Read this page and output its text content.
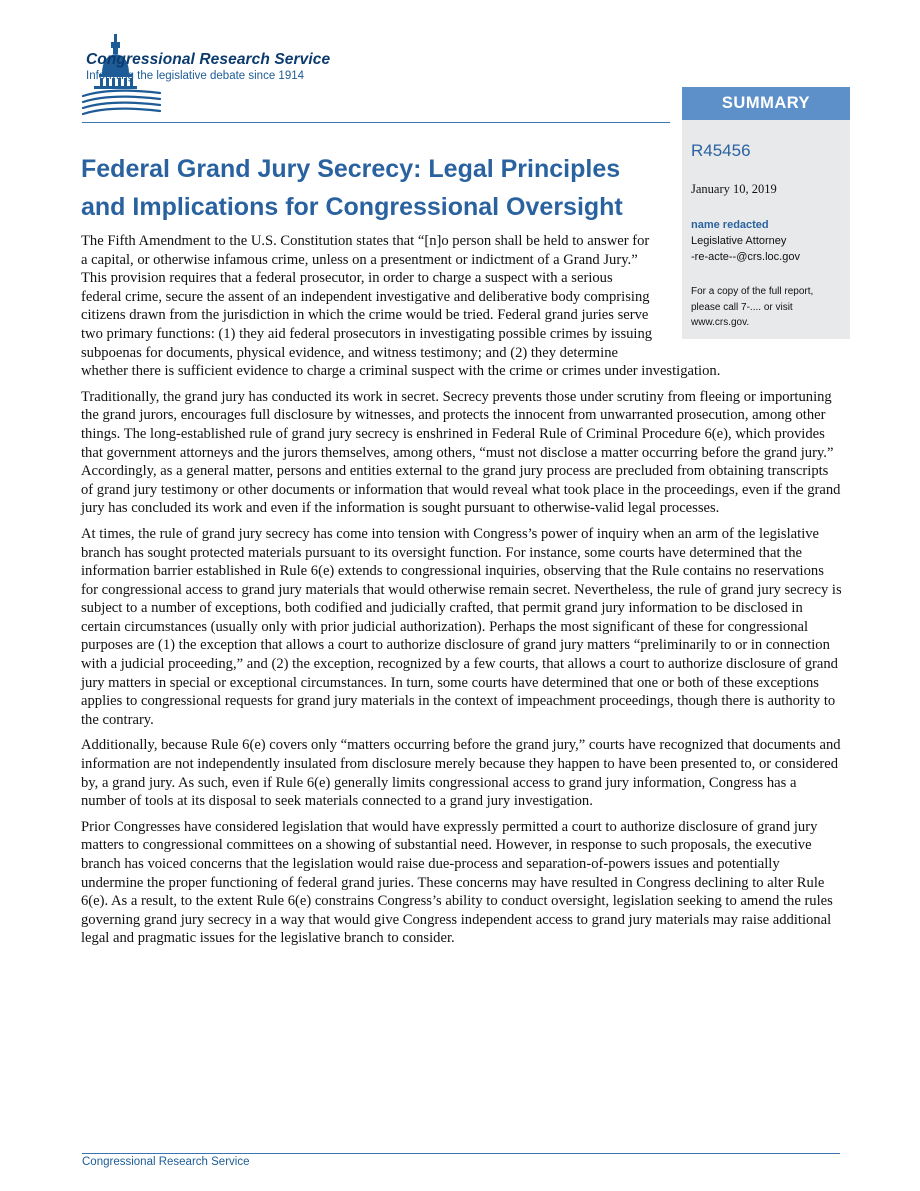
Congressional Research Service
Informing the legislative debate since 1914
SUMMARY
R45456
January 10, 2019
name redacted
Legislative Attorney
-re-acte--@crs.loc.gov
For a copy of the full report, please call 7-.... or visit www.crs.gov.
Federal Grand Jury Secrecy: Legal Principles and Implications for Congressional Oversight

The Fifth Amendment to the U.S. Constitution states that “[n]o person shall be held to answer for a capital, or otherwise infamous crime, unless on a presentment or indictment of a Grand Jury.” This provision requires that a federal prosecutor, in order to charge a suspect with a serious federal crime, secure the assent of an independent investigative and deliberative body comprising citizens drawn from the jurisdiction in which the crime would be tried. Federal grand juries serve two primary functions: (1) they aid federal prosecutors in investigating possible crimes by issuing subpoenas for documents, physical evidence, and witness testimony; and (2) they determine whether there is sufficient evidence to charge a criminal suspect with the crime or crimes under investigation.

Traditionally, the grand jury has conducted its work in secret. Secrecy prevents those under scrutiny from fleeing or importuning the grand jurors, encourages full disclosure by witnesses, and protects the innocent from unwarranted prosecution, among other things. The long-established rule of grand jury secrecy is enshrined in Federal Rule of Criminal Procedure 6(e), which provides that government attorneys and the jurors themselves, among others, “must not disclose a matter occurring before the grand jury.” Accordingly, as a general matter, persons and entities external to the grand jury process are precluded from obtaining transcripts of grand jury testimony or other documents or information that would reveal what took place in the proceedings, even if the grand jury has concluded its work and even if the information is sought pursuant to otherwise-valid legal processes.

At times, the rule of grand jury secrecy has come into tension with Congress’s power of inquiry when an arm of the legislative branch has sought protected materials pursuant to its oversight function. For instance, some courts have determined that the information barrier established in Rule 6(e) extends to congressional inquiries, observing that the Rule contains no reservations for congressional access to grand jury materials that would otherwise remain secret. Nevertheless, the rule of grand jury secrecy is subject to a number of exceptions, both codified and judicially crafted, that permit grand jury information to be disclosed in certain circumstances (usually only with prior judicial authorization). Perhaps the most significant of these for congressional purposes are (1) the exception that allows a court to authorize disclosure of grand jury matters “preliminarily to or in connection with a judicial proceeding,” and (2) the exception, recognized by a few courts, that allows a court to authorize disclosure of grand jury matters in special or exceptional circumstances. In turn, some courts have determined that one or both of these exceptions applies to congressional requests for grand jury materials in the context of impeachment proceedings, though there is authority to the contrary.

Additionally, because Rule 6(e) covers only “matters occurring before the grand jury,” courts have recognized that documents and information are not independently insulated from disclosure merely because they happen to have been presented to, or considered by, a grand jury. As such, even if Rule 6(e) generally limits congressional access to grand jury information, Congress has a number of tools at its disposal to seek materials connected to a grand jury investigation.

Prior Congresses have considered legislation that would have expressly permitted a court to authorize disclosure of grand jury matters to congressional committees on a showing of substantial need. However, in response to such proposals, the executive branch has voiced concerns that the legislation would raise due-process and separation-of-powers issues and potentially undermine the proper functioning of federal grand juries. These concerns may have resulted in Congress declining to alter Rule 6(e). As a result, to the extent Rule 6(e) constrains Congress’s ability to conduct oversight, legislation seeking to amend the rules governing grand jury secrecy in a way that would give Congress independent access to grand jury materials may raise additional legal and pragmatic issues for the legislative branch to consider.

Congressional Research Service
